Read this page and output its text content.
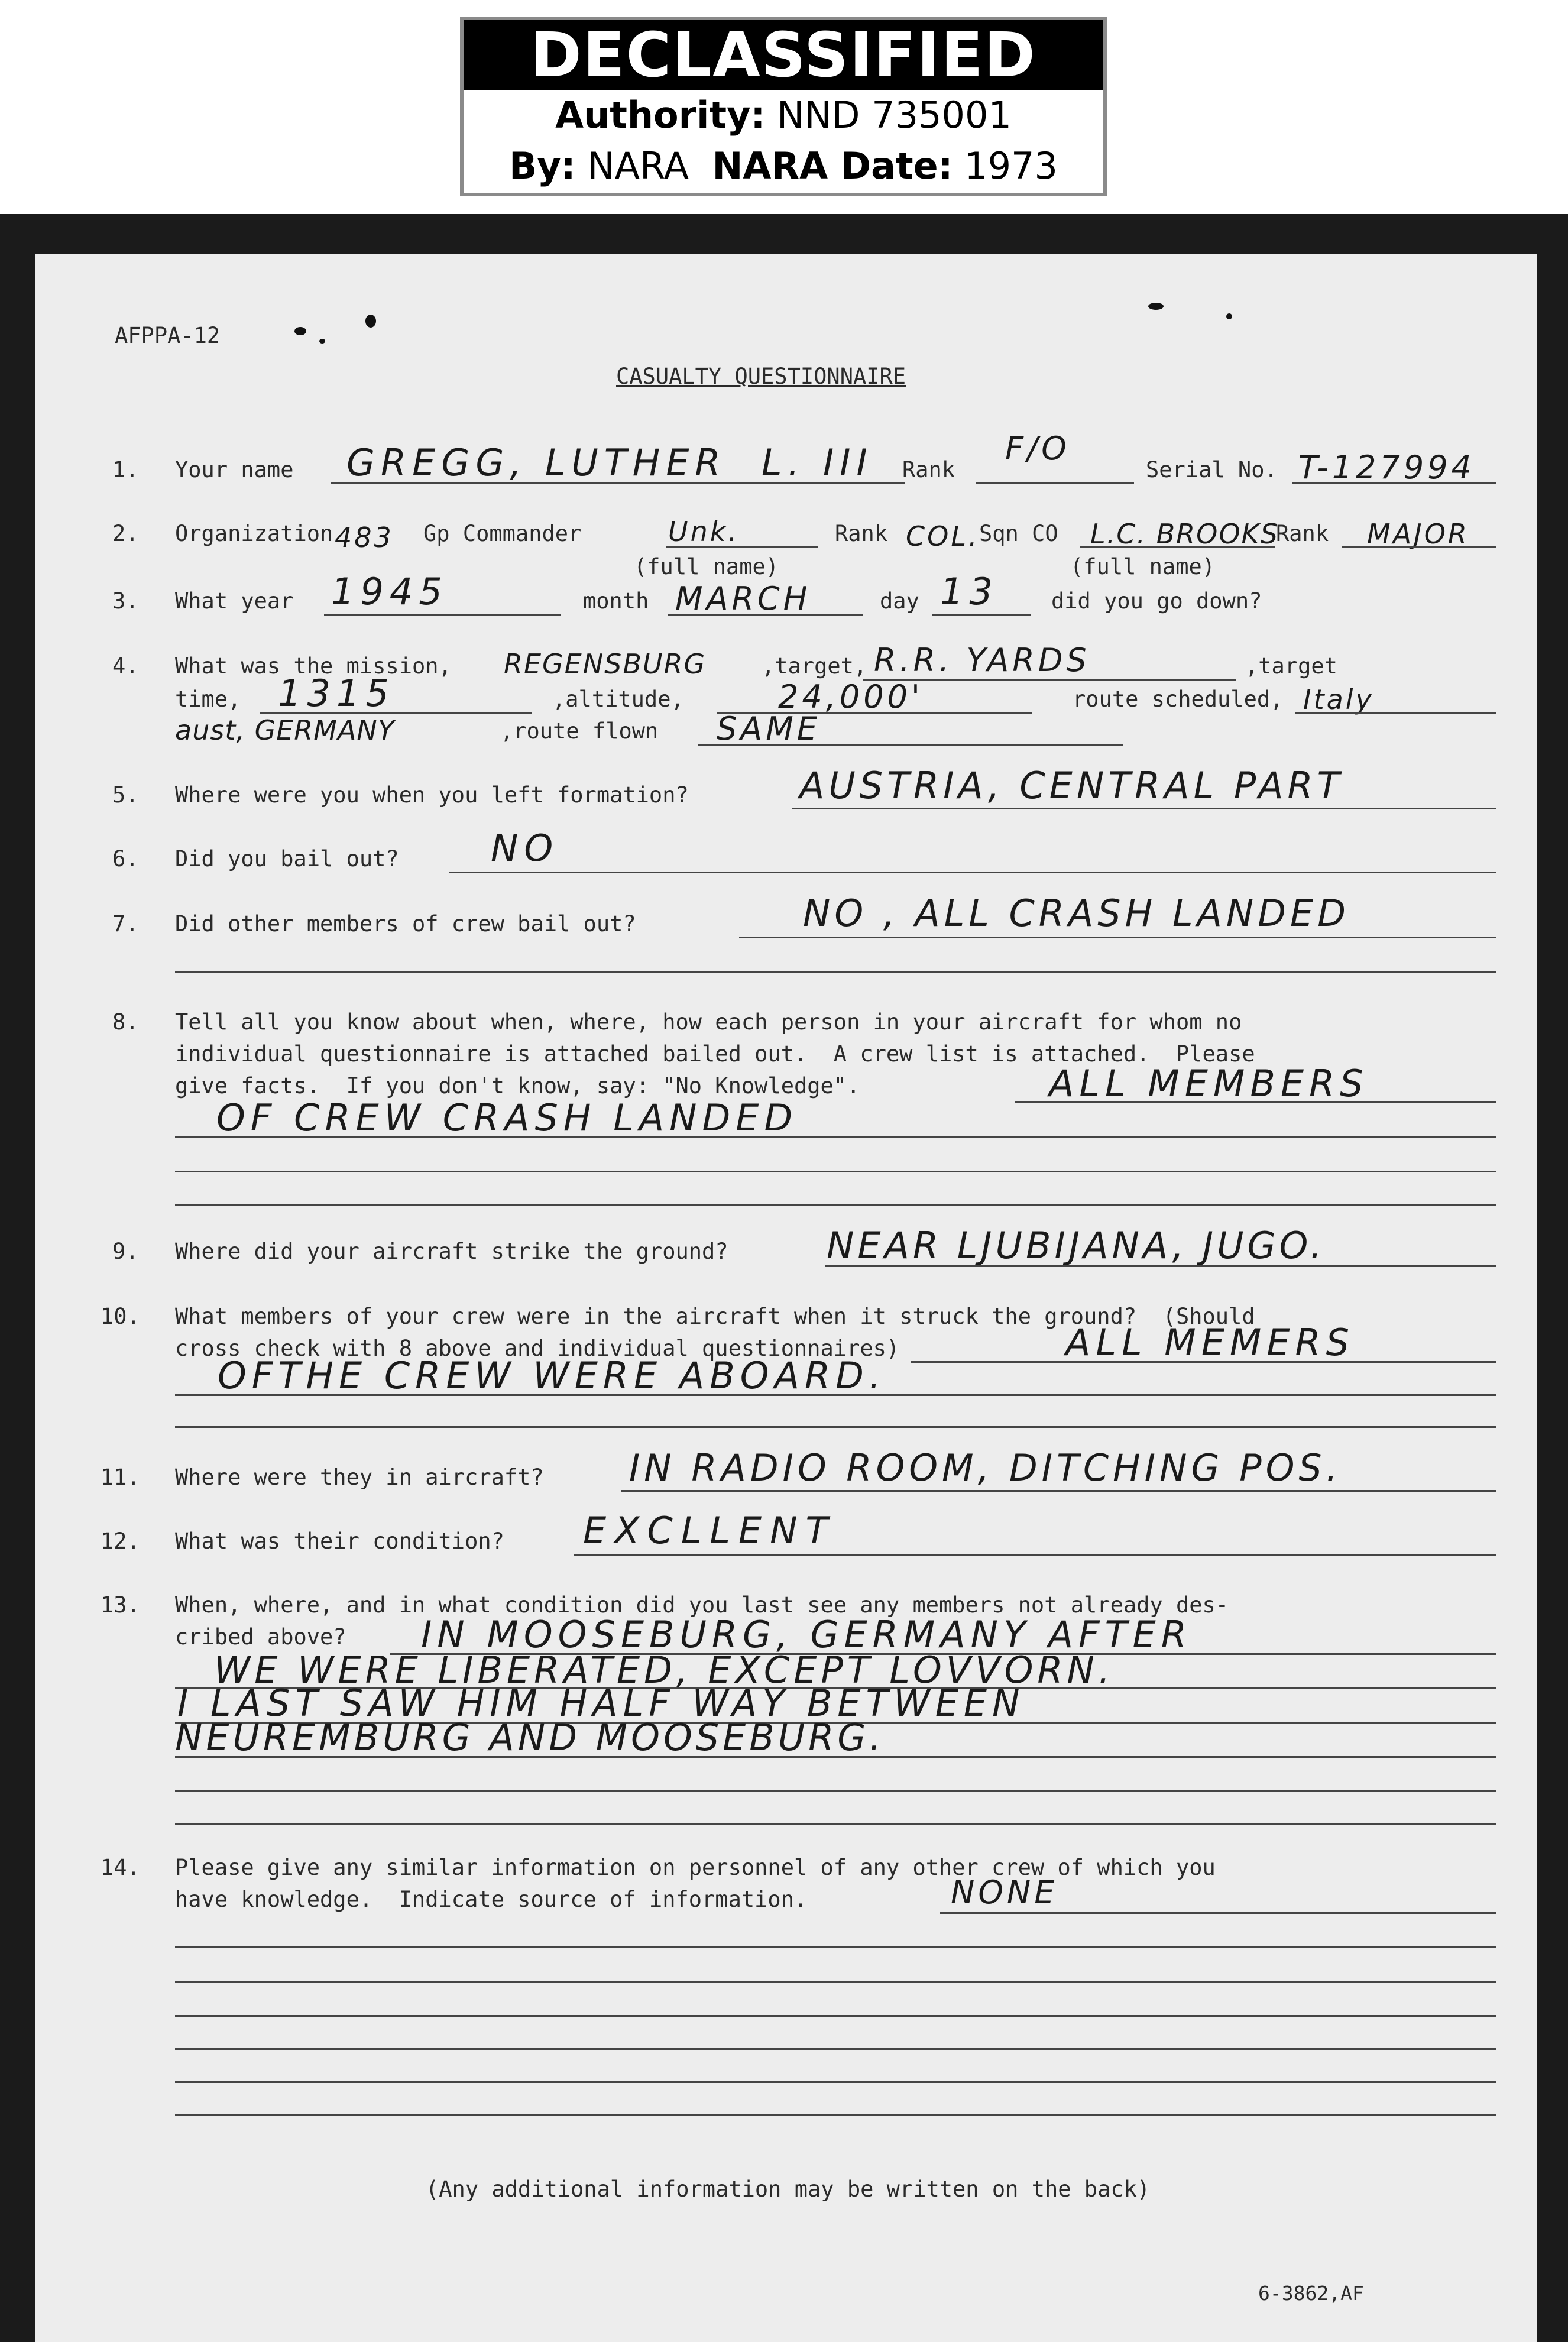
DECLASSIFIED
Authority: NND 735001
By: NARA NARA Date: 1973
AFPPA-12
CASUALTY QUESTIONNAIRE
1. Your name GREGG, LUTHER  L. III Rank
F/O
Serial No. T-127994
2. Organization 483 Gp Commander	Unk.	Rank COL. Sqn CO L.C. BROOKS
Rank MAJOR
(full name)	(full name)
3. What year 1945	month MARCH	day 13 did you go down?
4. What was the mission, REGENSBURG	,target, R.R. YARDS	,target
time, 1315	,altitude,	24,000'	route scheduled, Italy
aust, GERMANY	,route flown SAME
5. Where were you when you left formation?	AUSTRIA, CENTRAL PART
6. Did you bail out?	NO
7. Did other members of crew bail out?	NO , ALL CRASH LANDED
8. Tell all you know about when, where, how each person in your aircraft for whom no
individual questionnaire is attached bailed out.  A crew list is attached.  Please
give facts.  If you don't know, say: "No Knowledge".	ALL MEMBERS
OF CREW CRASH LANDED
9. Where did your aircraft strike the ground?	NEAR LJUBIJANA, JUGO.
10. What members of your crew were in the aircraft when it struck the ground?  (Should
cross check with 8 above and individual questionnaires)	ALL MEMERS
OFTHE CREW WERE ABOARD.
11. Where were they in aircraft? IN RADIO ROOM, DITCHING POS.
12. What was their condition? EXCLLENT
13. When, where, and in what condition did you last see any members not already des-
cribed above? IN MOOSEBURG, GERMANY AFTER
WE WERE LIBERATED, EXCEPT LOVVORN.
I LAST SAW HIM HALF WAY BETWEEN
NEUREMBURG AND MOOSEBURG.
14. Please give any similar information on personnel of any other crew of which you
have knowledge.  Indicate source of information.	NONE
(Any additional information may be written on the back)
6-3862,AF
